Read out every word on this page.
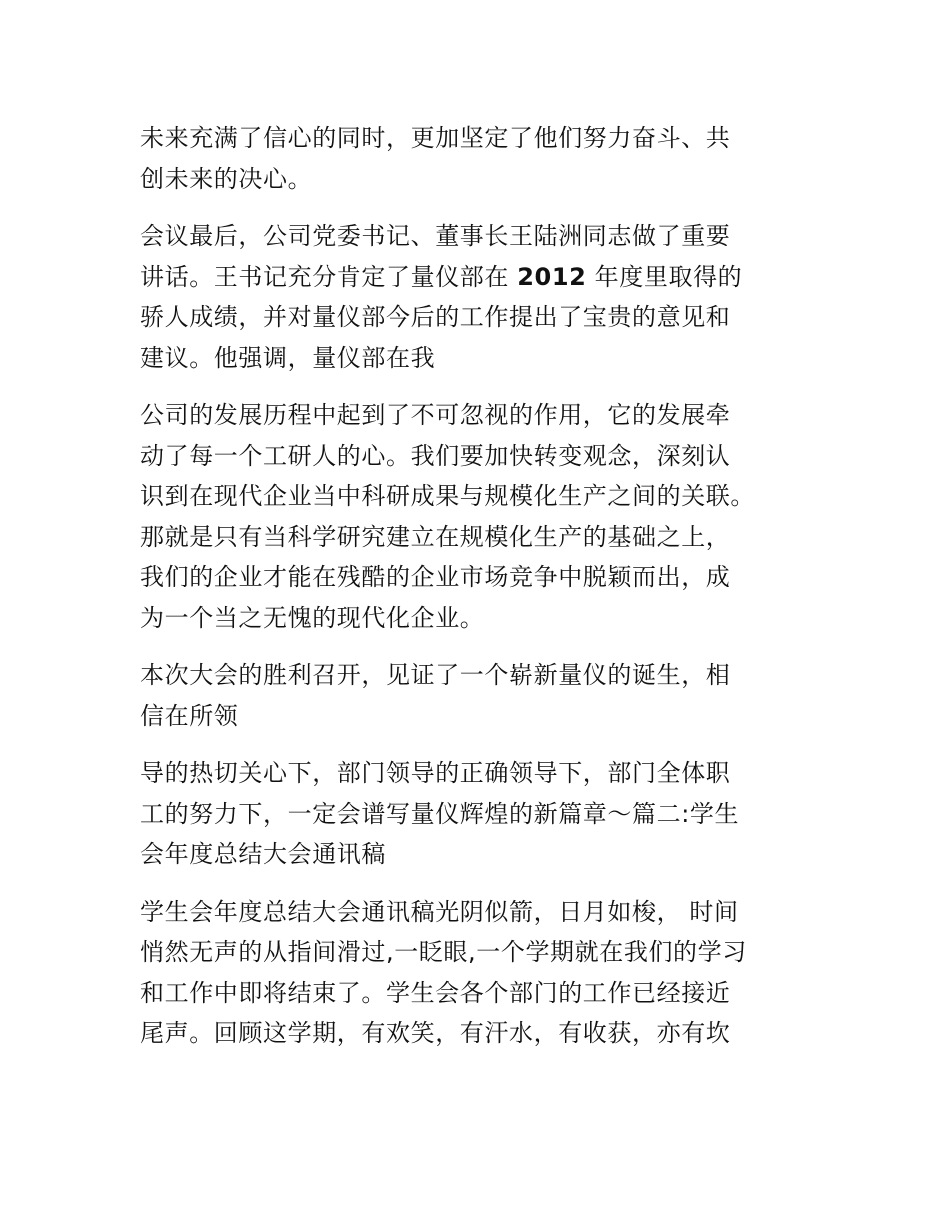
未来充满了信心的同时，更加坚定了他们努力奋斗、共
创未来的决心。

会议最后，公司党委书记、董事长王陆洲同志做了重要
讲话。王书记充分肯定了量仪部在 2012 年度里取得的
骄人成绩，并对量仪部今后的工作提出了宝贵的意见和
建议。他强调，量仪部在我

公司的发展历程中起到了不可忽视的作用，它的发展牵
动了每一个工研人的心。我们要加快转变观念，深刻认
识到在现代企业当中科研成果与规模化生产之间的关联。
那就是只有当科学研究建立在规模化生产的基础之上，
我们的企业才能在残酷的企业市场竞争中脱颖而出，成
为一个当之无愧的现代化企业。

本次大会的胜利召开，见证了一个崭新量仪的诞生，相
信在所领

导的热切关心下，部门领导的正确领导下，部门全体职
工的努力下，一定会谱写量仪辉煌的新篇章～篇二:学生
会年度总结大会通讯稿

学生会年度总结大会通讯稿光阴似箭，日月如梭， 时间
悄然无声的从指间滑过,一眨眼,一个学期就在我们的学习
和工作中即将结束了。学生会各个部门的工作已经接近
尾声。回顾这学期，有欢笑，有汗水，有收获，亦有坎
